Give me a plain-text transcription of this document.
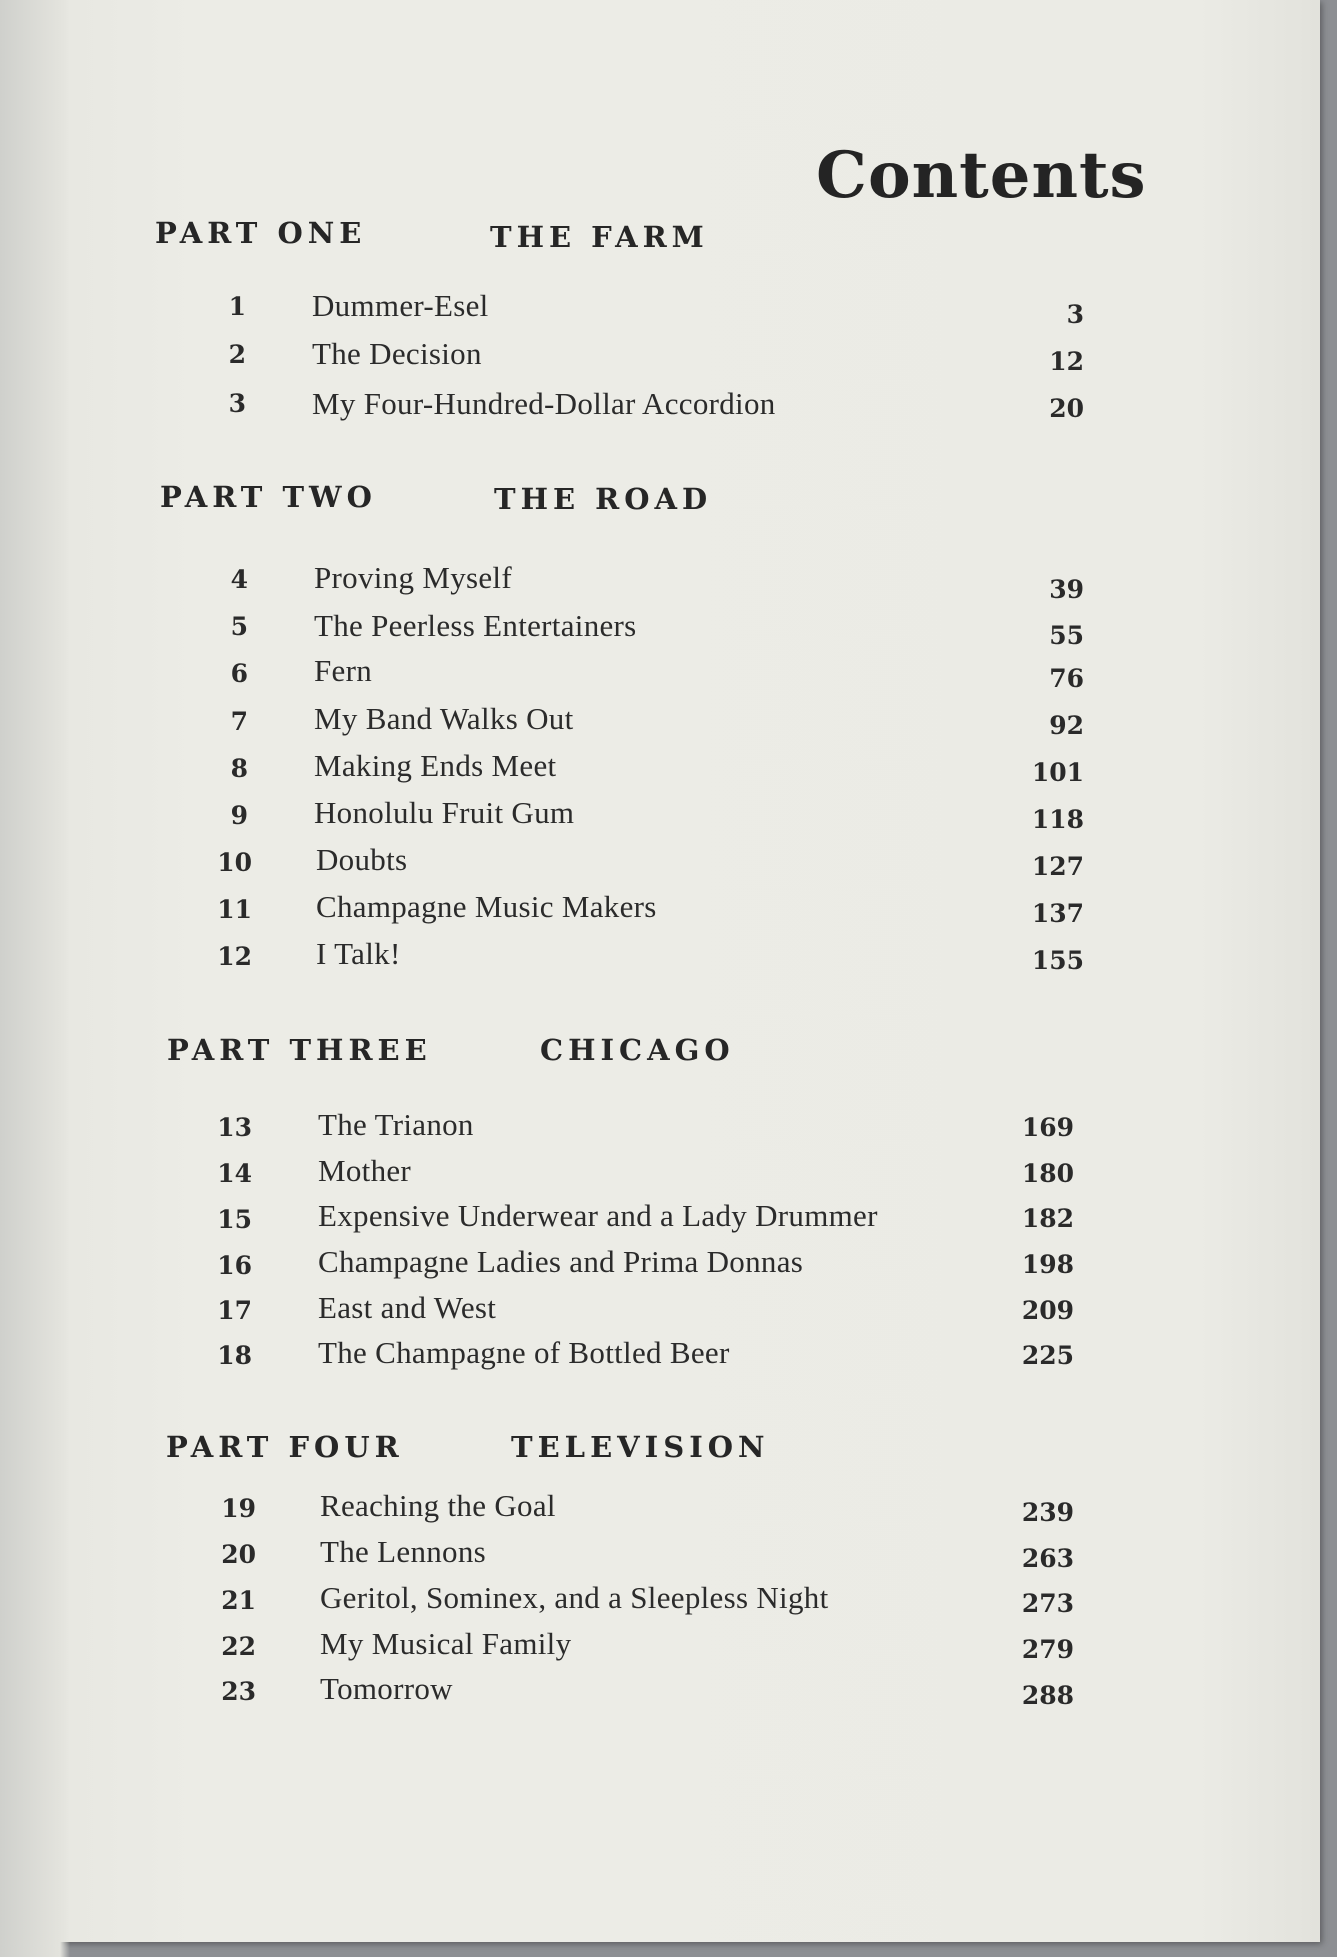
Contents
PART ONE	THE FARM
1 Dummer-Esel	3
2 The Decision	12
3 My Four-Hundred-Dollar Accordion	20
PART TWO	THE ROAD
4 Proving Myself	39
5 The Peerless Entertainers	55
6 Fern	76
7 My Band Walks Out	92
8 Making Ends Meet	101
9 Honolulu Fruit Gum	118
10 Doubts	127
11 Champagne Music Makers	137
12 I Talk!	155
PART THREE	CHICAGO
13 The Trianon	169
14 Mother	180
15 Expensive Underwear and a Lady Drummer	182
16 Champagne Ladies and Prima Donnas	198
17 East and West	209
18 The Champagne of Bottled Beer	225
PART FOUR	TELEVISION
19 Reaching the Goal	239
20 The Lennons	263
21 Geritol, Sominex, and a Sleepless Night	273
22 My Musical Family	279
23 Tomorrow	288
